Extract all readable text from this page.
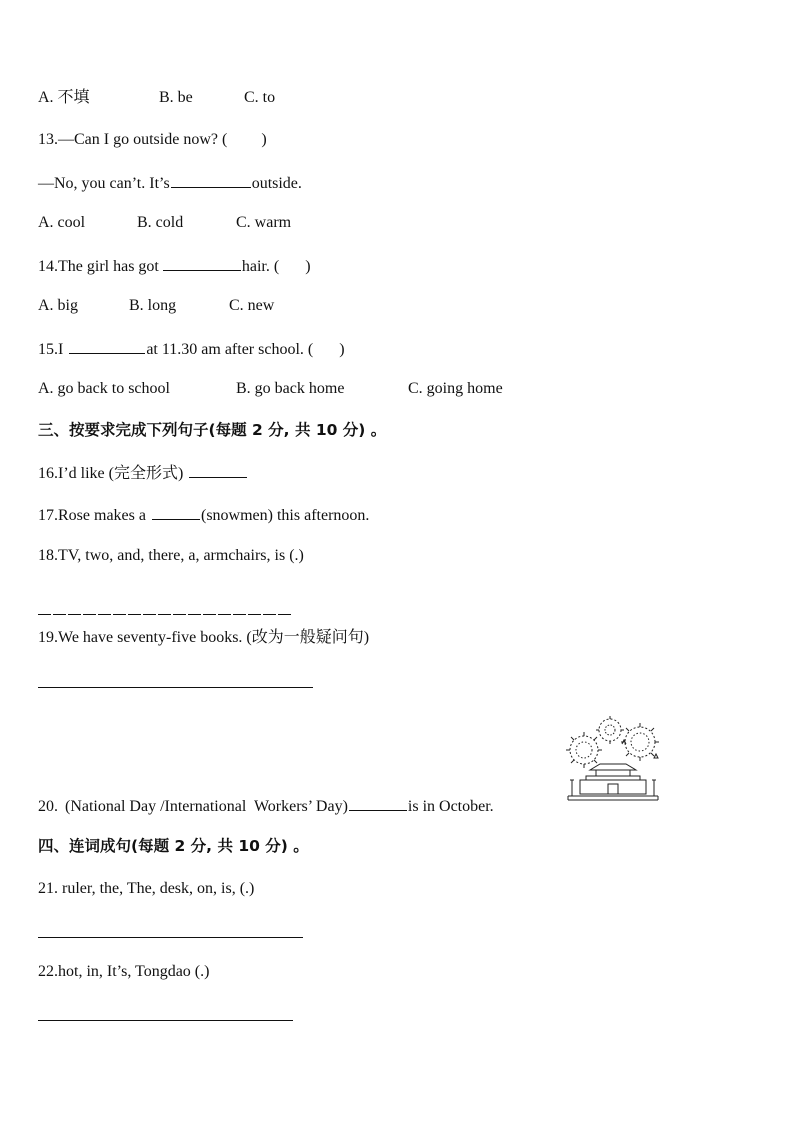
A. 不填

	B. be

	C. to

13.—Can I go outside now? ( )
—No, you can’t. It’s	outside.

A. cool

	B. cold

	C. warm

14.The girl has got	hair. ( )

A. big

	B. long

	C. new

15.I	at 11.30 am after school. ( )

A. go back to school

	B. go back home

	C. going home

三、按要求完成下列句子(每题 2 分, 共 10 分) 。
16.I’d like (完全形式)
17.Rose makes a	(snowmen) this afternoon.
18.TV, two, and, there, a, armchairs, is (.)
19.We have seventy-five books. (改为一般疑问句)
20. (National Day /International  Workers’ Day)	is in October.
四、连词成句(每题 2 分, 共 10 分) 。
21. ruler, the, The, desk, on, is, (.)
22.hot, in, It’s, Tongdao (.)
